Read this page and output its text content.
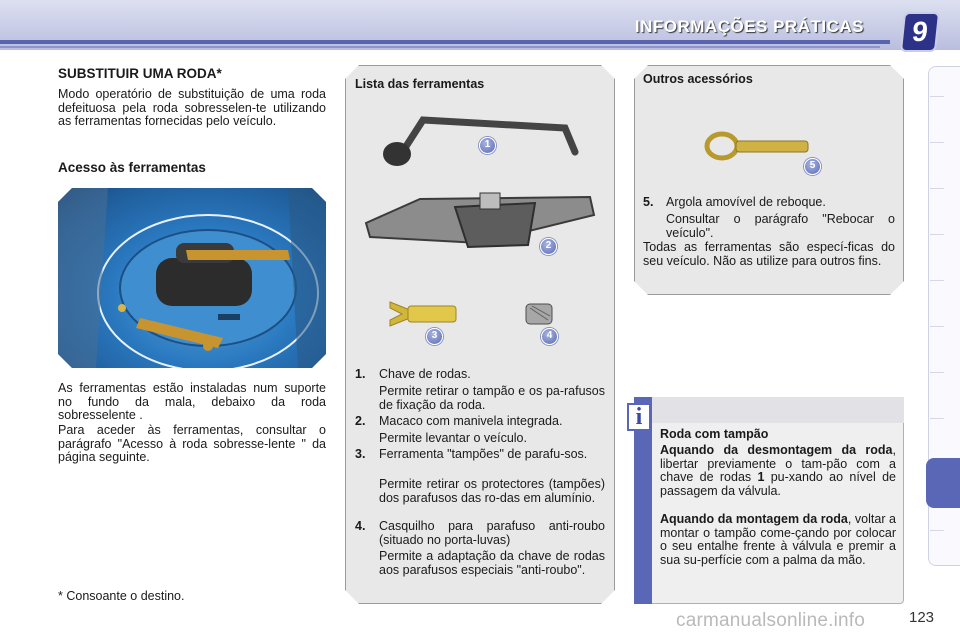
INFORMAÇÕES PRÁTICAS	9
SUBSTITUIR UMA RODA*
Modo operatório de substituição de uma roda defeituosa pela roda sobresselen-te utilizando as ferramentas fornecidas pelo veículo.
Acesso às ferramentas
As ferramentas estão instaladas num suporte no fundo da mala, debaixo da roda sobresselente .
Para aceder às ferramentas, consultar o parágrafo "Acesso à roda sobresse-lente " da página seguinte.
* Consoante o destino.
Lista das ferramentas
1
2
3	4
1. Chave de rodas.
Permite retirar o tampão e os pa-rafusos de fixação da roda.
2. Macaco com manivela integrada.
Permite levantar o veículo.
3. Ferramenta "tampões" de parafu-sos.
Permite retirar os protectores (tampões) dos parafusos das ro-das em alumínio.
4. Casquilho para parafuso anti-roubo (situado no porta-luvas)
Permite a adaptação da chave de rodas aos parafusos especiais "anti-roubo".
Outros acessórios
5
5. Argola amovível de reboque.
Consultar o parágrafo "Rebocar o veículo".
Todas as ferramentas são especí-ficas do seu veículo. Não as utilize para outros fins.
i
Roda com tampão
Aquando da desmontagem da roda, libertar previamente o tam-pão com a chave de rodas 1 pu-xando ao nível de passagem da válvula.
Aquando da montagem da roda, voltar a montar o tampão come-çando por colocar o seu entalhe frente à válvula e premir a sua su-perfície com a palma da mão.
carmanualsonline.info	123
